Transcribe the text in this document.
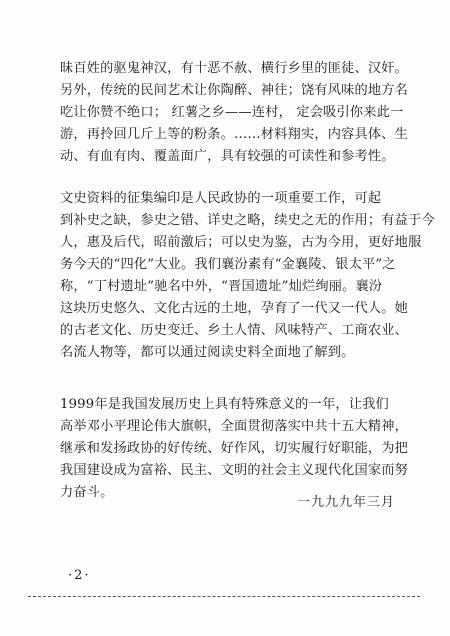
昧百姓的驱鬼神汉，有十恶不赦、横行乡里的匪徒、汉奸。
另外，传统的民间艺术让你陶醉、神往；饶有风味的地方名
吃让你赞不绝口； 红薯之乡——连村， 定会吸引你来此一
游，再拎回几斤上等的粉条。……材料翔实，内容具体、生
动、有血有肉、覆盖面广，具有较强的可读性和参考性。
文史资料的征集编印是人民政协的一项重要工作，可起
到补史之缺，参史之错、详史之略，续史之无的作用；有益于今
人，惠及后代，昭前激后；可以史为鉴，古为今用，更好地服
务今天的“四化”大业。我们襄汾素有“金襄陵、银太平”之
称，“丁村遗址”驰名中外，“晋国遗址”灿烂绚丽。襄汾
这块历史悠久、文化古远的土地，孕育了一代又一代人。她
的古老文化、历史变迁、乡土人情、风味特产、工商农业、
名流人物等，都可以通过阅读史料全面地了解到。
1999年是我国发展历史上具有特殊意义的一年，让我们
高举邓小平理论伟大旗帜，全面贯彻落实中共十五大精神，
继承和发扬政协的好传统、好作风，切实履行好职能，为把
我国建设成为富裕、民主、文明的社会主义现代化国家而努
力奋斗。
一九九九年三月
·2·
